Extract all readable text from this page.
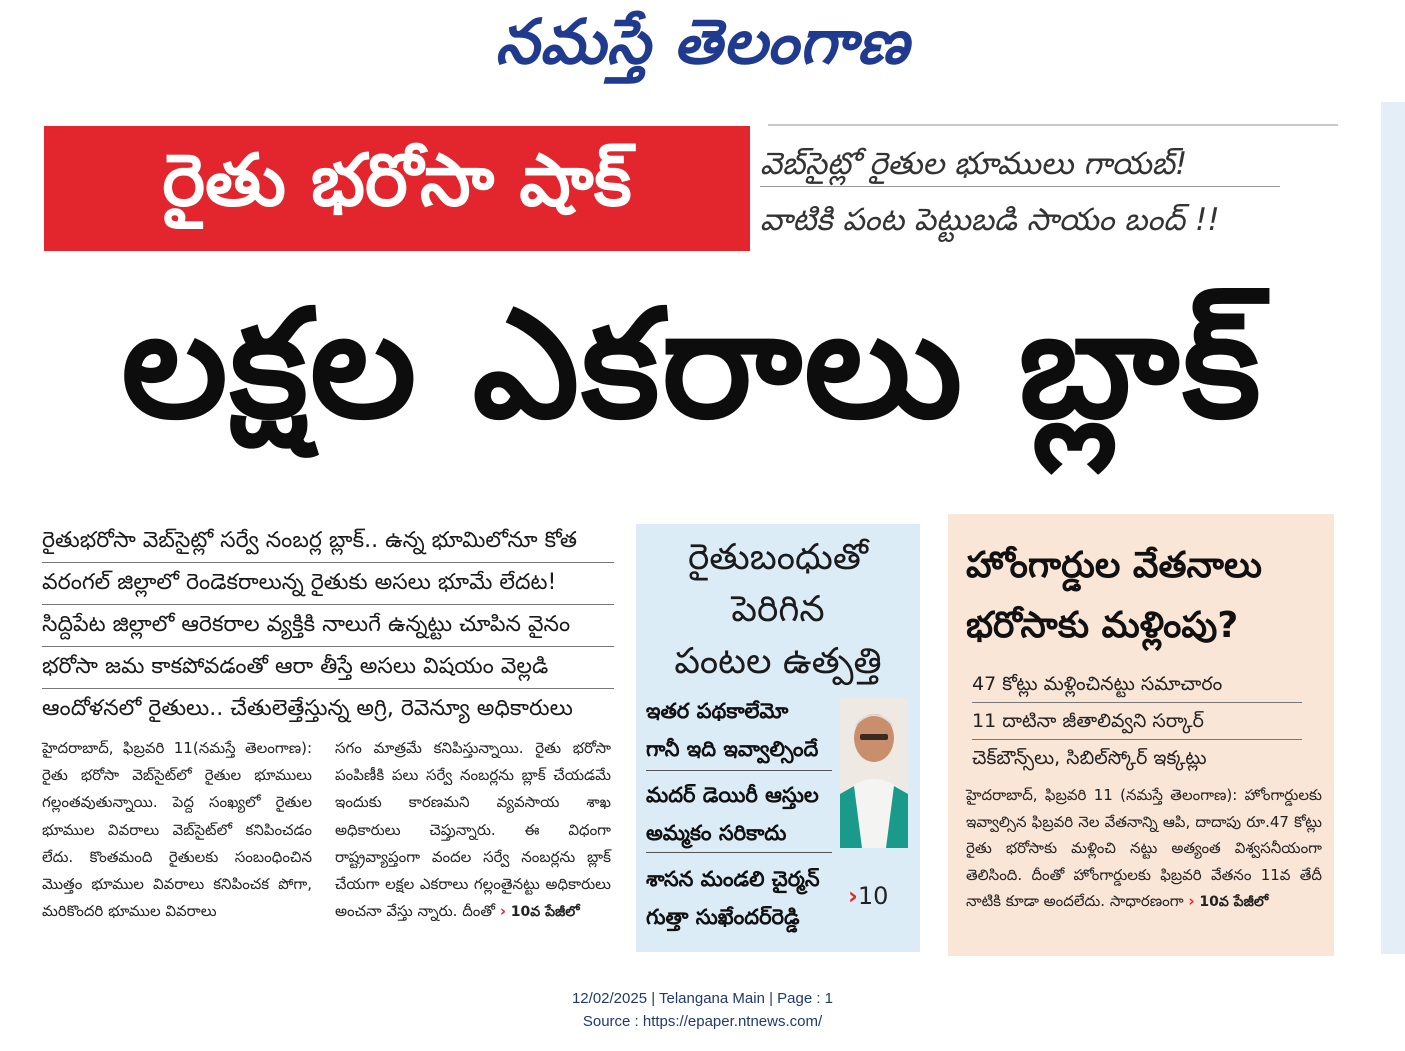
నమస్తే తెలంగాణ
రైతు భరోసా షాక్	వెబ్‌సైట్లో రైతుల భూములు గాయబ్!
వాటికి పంట పెట్టుబడి సాయం బంద్ !!
లక్షల ఎకరాలు బ్లాక్
రైతుభరోసా వెబ్‌సైట్లో సర్వే నంబర్ల బ్లాక్.. ఉన్న భూమిలోనూ కోత
వరంగల్ జిల్లాలో రెండెకరాలున్న రైతుకు అసలు భూమే లేదట!
సిద్దిపేట జిల్లాలో ఆరెకరాల వ్యక్తికి నాలుగే ఉన్నట్టు చూపిన వైనం
భరోసా జమ కాకపోవడంతో ఆరా తీస్తే అసలు విషయం వెల్లడి
ఆందోళనలో రైతులు.. చేతులెత్తేస్తున్న అగ్రి, రెవెన్యూ అధికారులు
హైదరాబాద్, ఫిబ్రవరి 11(నమస్తే తెలంగాణ): రైతు భరోసా వెబ్‌సైట్‌లో రైతుల భూములు గల్లంతవుతున్నాయి. పెద్ద సంఖ్యలో రైతుల భూముల వివరాలు వెబ్‌సైట్‌లో కనిపించడం లేదు. కొంతమంది రైతులకు సంబంధించిన మొత్తం భూముల వివరాలు కనిపించక పోగా, మరికొందరి భూముల వివరాలు
సగం మాత్రమే కనిపిస్తున్నాయి. రైతు భరోసా పంపిణీకి పలు సర్వే నంబర్లను బ్లాక్ చేయడమే ఇందుకు కారణమని వ్యవసాయ శాఖ అధికారులు చెప్తున్నారు. ఈ విధంగా రాష్ట్రవ్యాప్తంగా వందల సర్వే నంబర్లను బ్లాక్ చేయగా లక్షల ఎకరాలు గల్లంతైనట్టు అధికారులు అంచనా వేస్తు న్నారు. దీంతో › 10వ పేజీలో
రైతుబంధుతో
పెరిగిన
పంటల ఉత్పత్తి
ఇతర పథకాలేమో
గానీ ఇది ఇవ్వాల్సిందే
మదర్ డెయిరీ ఆస్తుల
అమ్మకం సరికాదు
శాసన మండలి చైర్మన్
గుత్తా సుఖేందర్‌రెడ్డి
›10
హోంగార్డుల వేతనాలు
భరోసాకు మళ్లింపు?
47 కోట్లు మళ్లించినట్టు సమాచారం
11 దాటినా జీతాలివ్వని సర్కార్
చెక్‌బౌన్స్‌లు, సిబిల్‌స్కోర్ ఇక్కట్లు
హైదరాబాద్, ఫిబ్రవరి 11 (నమస్తే తెలంగాణ): హోంగార్డులకు ఇవ్వాల్సిన ఫిబ్రవరి నెల వేతనాన్ని ఆపి, దాదాపు రూ.47 కోట్లు రైతు భరోసాకు మళ్లించి నట్టు అత్యంత విశ్వసనీయంగా తెలిసింది. దీంతో హోంగార్డులకు ఫిబ్రవరి వేతనం 11వ తేదీ నాటికి కూడా అందలేదు. సాధారణంగా › 10వ పేజీలో
12/02/2025 | Telangana Main | Page : 1
Source : https://epaper.ntnews.com/
